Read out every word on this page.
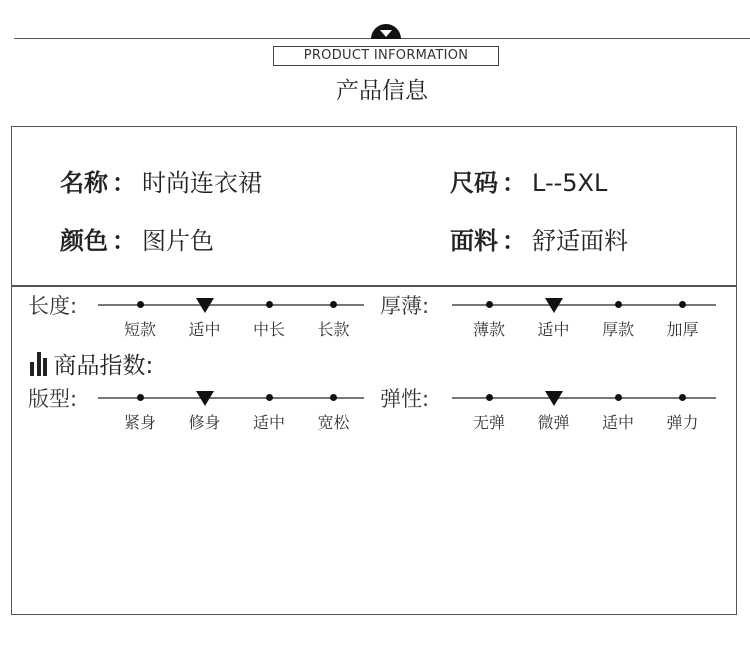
PRODUCT INFORMATION
产品信息
名称 ： 时尚连衣裙	尺码 ： L--5XL
颜色 ： 图片色	面料 ： 舒适面料
商品指数:
长度:
短款	适中	中长	长款
厚薄:
薄款	适中	厚款	加厚
版型:
紧身	修身	适中	宽松
弹性:
无弹	微弹	适中	弹力
